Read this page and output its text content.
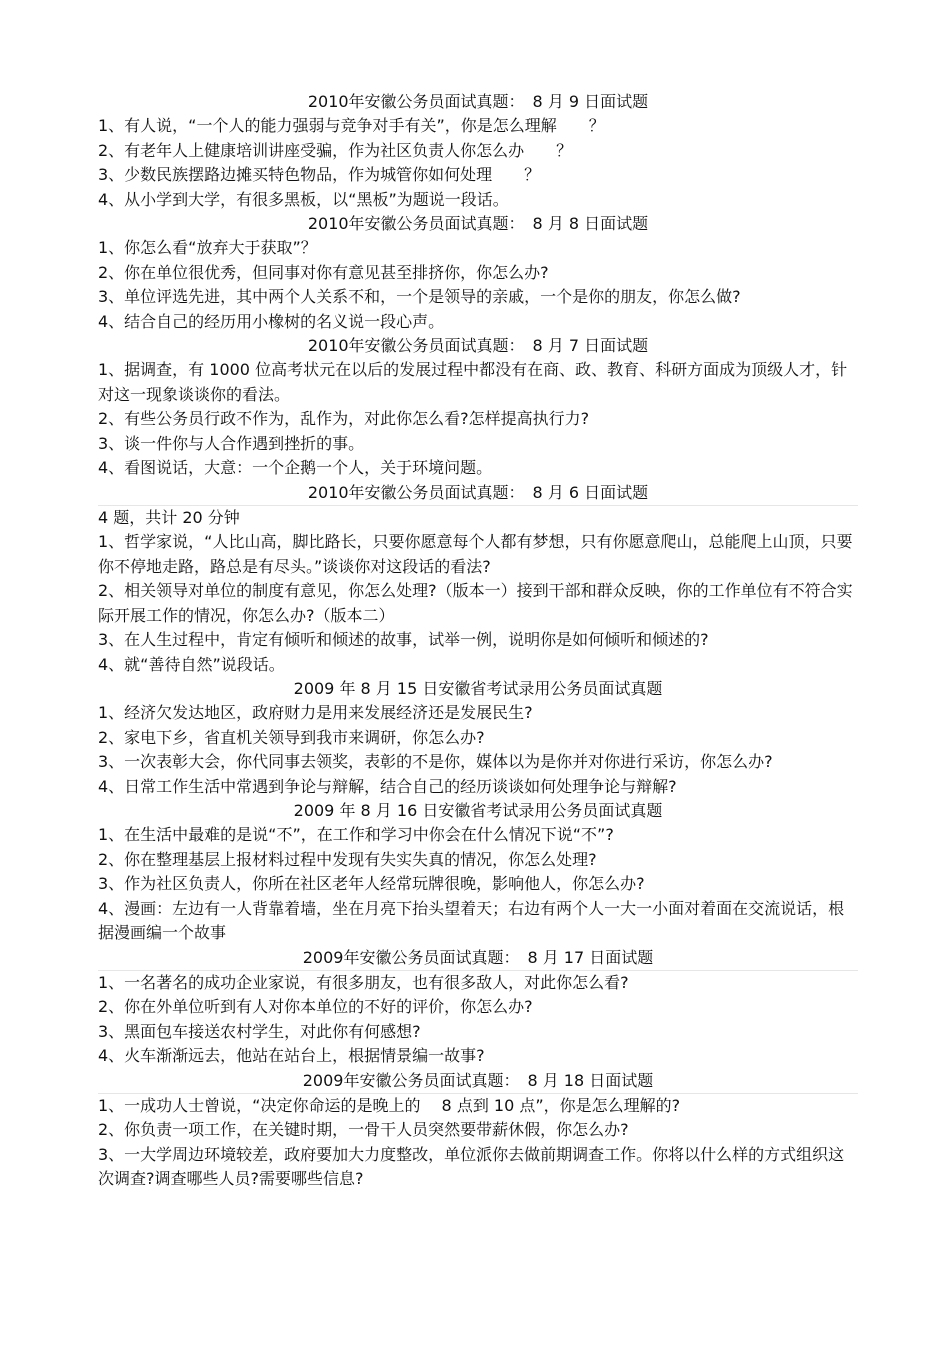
2010年安徽公务员面试真题：　8 月 9 日面试题

1、有人说，“一个人的能力强弱与竞争对手有关”，你是怎么理解　　？

2、有老年人上健康培训讲座受骗，作为社区负责人你怎么办　　？

3、少数民族摆路边摊买特色物品，作为城管你如何处理　　？

4、从小学到大学，有很多黑板，以“黑板”为题说一段话。

2010年安徽公务员面试真题：　8 月 8 日面试题

1、你怎么看“放弃大于获取”？

2、你在单位很优秀，但同事对你有意见甚至排挤你，你怎么办?

3、单位评选先进，其中两个人关系不和，一个是领导的亲戚，一个是你的朋友，你怎么做?

4、结合自己的经历用小橡树的名义说一段心声。

2010年安徽公务员面试真题：　8 月 7 日面试题

1、据调查，有 1000 位高考状元在以后的发展过程中都没有在商、政、教育、科研方面成为顶级人才，针对这一现象谈谈你的看法。

2、有些公务员行政不作为，乱作为，对此你怎么看?怎样提高执行力?

3、谈一件你与人合作遇到挫折的事。

4、看图说话，大意：一个企鹅一个人，关于环境问题。

2010年安徽公务员面试真题：　8 月 6 日面试题

4 题，共计 20 分钟

1、哲学家说，“人比山高，脚比路长，只要你愿意每个人都有梦想，只有你愿意爬山，总能爬上山顶，只要你不停地走路，路总是有尽头。”谈谈你对这段话的看法?

2、相关领导对单位的制度有意见，你怎么处理?（版本一）接到干部和群众反映，你的工作单位有不符合实际开展工作的情况，你怎么办?（版本二）

3、在人生过程中，肯定有倾听和倾述的故事，试举一例，说明你是如何倾听和倾述的?

4、就“善待自然”说段话。

2009 年 8 月 15 日安徽省考试录用公务员面试真题

1、经济欠发达地区，政府财力是用来发展经济还是发展民生?

2、家电下乡，省直机关领导到我市来调研，你怎么办?

3、一次表彰大会，你代同事去领奖，表彰的不是你，媒体以为是你并对你进行采访，你怎么办?

4、日常工作生活中常遇到争论与辩解，结合自己的经历谈谈如何处理争论与辩解?

2009 年 8 月 16 日安徽省考试录用公务员面试真题

1、在生活中最难的是说“不”，在工作和学习中你会在什么情况下说“不”?

2、你在整理基层上报材料过程中发现有失实失真的情况，你怎么处理?

3、作为社区负责人，你所在社区老年人经常玩牌很晚，影响他人，你怎么办?

4、漫画：左边有一人背靠着墙，坐在月亮下抬头望着天；右边有两个人一大一小面对着面在交流说话，根据漫画编一个故事

2009年安徽公务员面试真题：　8 月 17 日面试题

1、一名著名的成功企业家说，有很多朋友，也有很多敌人，对此你怎么看?

2、你在外单位听到有人对你本单位的不好的评价，你怎么办?

3、黑面包车接送农村学生，对此你有何感想?

4、火车渐渐远去，他站在站台上，根据情景编一故事?

2009年安徽公务员面试真题：　8 月 18 日面试题

1、一成功人士曾说，“决定你命运的是晚上的　 8 点到 10 点”，你是怎么理解的?

2、你负责一项工作，在关键时期，一骨干人员突然要带薪休假，你怎么办?

3、一大学周边环境较差，政府要加大力度整改，单位派你去做前期调查工作。你将以什么样的方式组织这次调查?调查哪些人员?需要哪些信息?
